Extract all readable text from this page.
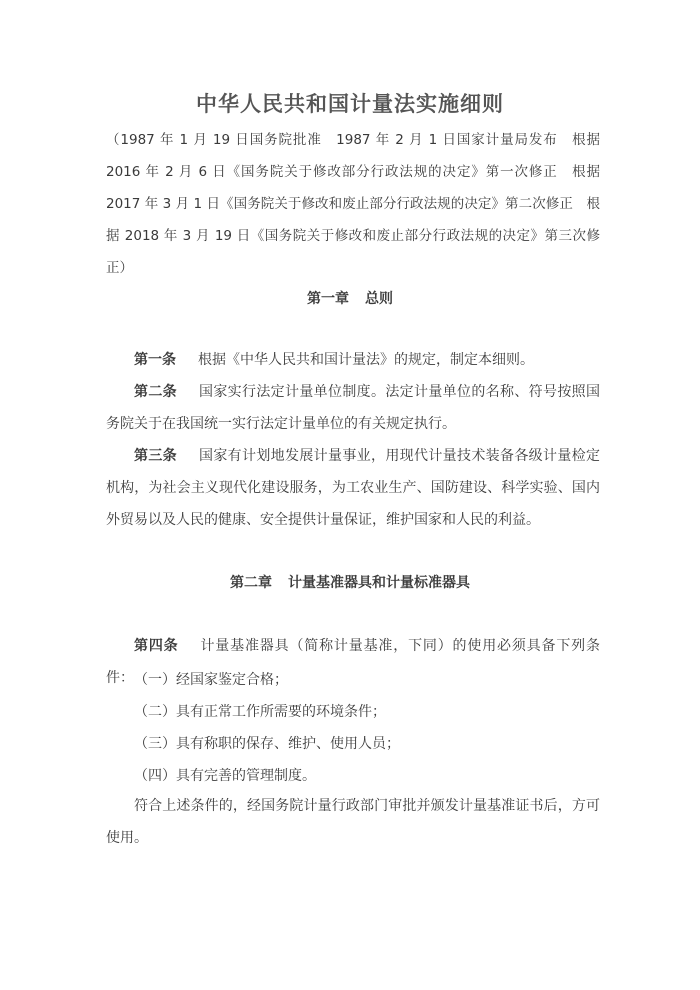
中华人民共和国计量法实施细则
（1987 年 1 月 19 日国务院批准　1987 年 2 月 1 日国家计量局发布　根据 2016 年 2 月 6 日《国务院关于修改部分行政法规的决定》第一次修正　根据 2017 年 3 月 1 日《国务院关于修改和废止部分行政法规的决定》第二次修正　根据 2018 年 3 月 19 日《国务院关于修改和废止部分行政法规的决定》第三次修正）
第一章 总则
第一条 根据《中华人民共和国计量法》的规定，制定本细则。
第二条 国家实行法定计量单位制度。法定计量单位的名称、符号按照国务院关于在我国统一实行法定计量单位的有关规定执行。
第三条 国家有计划地发展计量事业，用现代计量技术装备各级计量检定机构，为社会主义现代化建设服务，为工农业生产、国防建设、科学实验、国内外贸易以及人民的健康、安全提供计量保证，维护国家和人民的利益。
第二章 计量基准器具和计量标准器具
第四条 计量基准器具（简称计量基准，下同）的使用必须具备下列条件： （一）经国家鉴定合格；
（二）具有正常工作所需要的环境条件；
（三）具有称职的保存、维护、使用人员；
（四）具有完善的管理制度。
符合上述条件的，经国务院计量行政部门审批并颁发计量基准证书后，方可使用。
